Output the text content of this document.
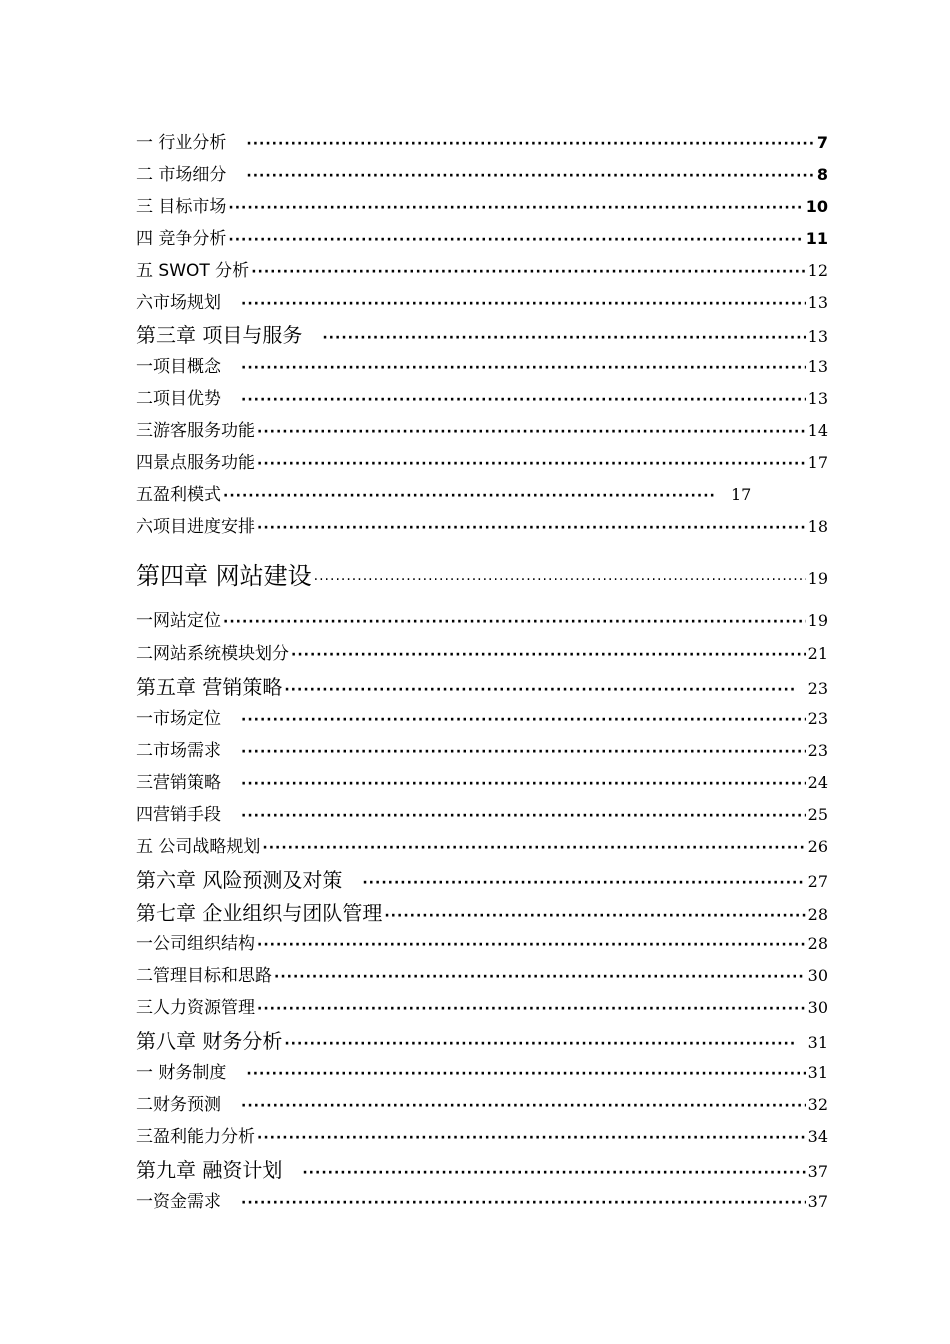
一 行业分析 ·····	7
二 市场细分 ·····	8
三 目标市场 ·····	10
四 竞争分析 ·····	11
五 SWOT 分析 ·····	12
六市场规划 ·····	13
第三章 项目与服务 ·····	13
一项目概念 ·····	13
二项目优势 ·····	13
三游客服务功能 ·····	14
四景点服务功能 ·····	17
五盈利模式 ·····	17
六项目进度安排 ·····	18
第四章 网站建设 ·····	19
一网站定位 ·····	19
二网站系统模块划分 ·····	21
第五章 营销策略 ·····	23
一市场定位 ·····	23
二市场需求 ·····	23
三营销策略 ·····	24
四营销手段 ·····	25
五 公司战略规划 ·····	26
第六章 风险预测及对策 ·····	27
第七章 企业组织与团队管理 ·····	28
一公司组织结构 ·····	28
二管理目标和思路 ·····	30
三人力资源管理 ·····	30
第八章 财务分析 ·····	31
一 财务制度 ·····	31
二财务预测 ·····	32
三盈利能力分析 ·····	34
第九章 融资计划 ·····	37
一资金需求 ·····	37
